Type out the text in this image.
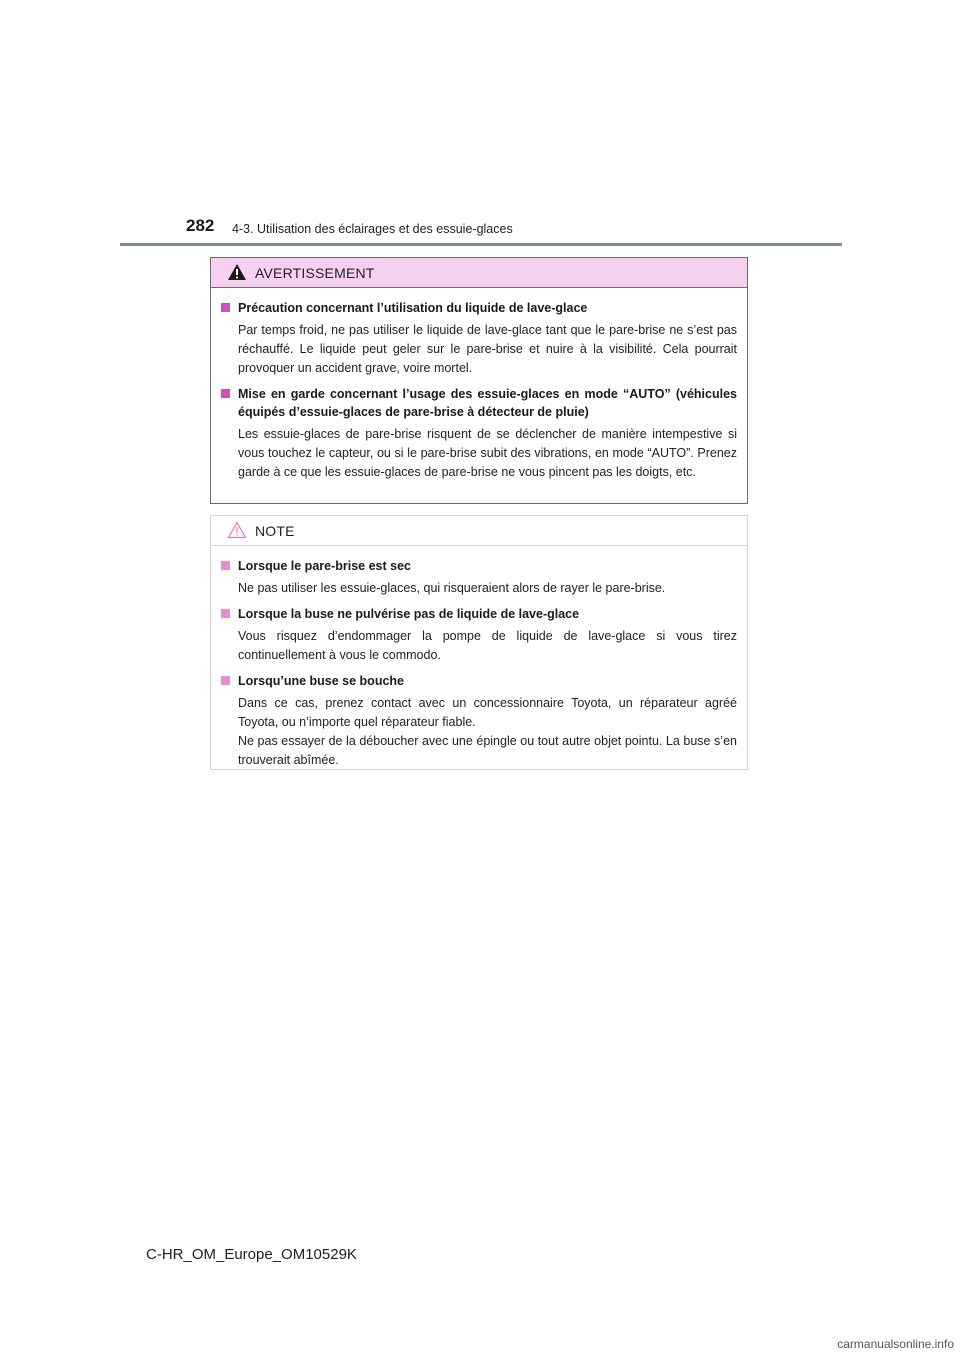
282 4-3. Utilisation des éclairages et des essuie-glaces
AVERTISSEMENT
Précaution concernant l’utilisation du liquide de lave-glace

Par temps froid, ne pas utiliser le liquide de lave-glace tant que le pare-brise ne s’est pas réchauffé. Le liquide peut geler sur le pare-brise et nuire à la visibilité. Cela pourrait provoquer un accident grave, voire mortel.

Mise en garde concernant l’usage des essuie-glaces en mode “AUTO” (véhicules équipés d’essuie-glaces de pare-brise à détecteur de pluie)

Les essuie-glaces de pare-brise risquent de se déclencher de manière intempestive si vous touchez le capteur, ou si le pare-brise subit des vibrations, en mode “AUTO”. Prenez garde à ce que les essuie-glaces de pare-brise ne vous pincent pas les doigts, etc.

NOTE
Lorsque le pare-brise est sec

Ne pas utiliser les essuie-glaces, qui risqueraient alors de rayer le pare-brise.

Lorsque la buse ne pulvérise pas de liquide de lave-glace

Vous risquez d’endommager la pompe de liquide de lave-glace si vous tirez continuellement à vous le commodo.

Lorsqu’une buse se bouche

Dans ce cas, prenez contact avec un concessionnaire Toyota, un réparateur agréé Toyota, ou n’importe quel réparateur fiable.

Ne pas essayer de la déboucher avec une épingle ou tout autre objet pointu. La buse s’en trouverait abîmée.

C-HR_OM_Europe_OM10529K
carmanualsonline.info
